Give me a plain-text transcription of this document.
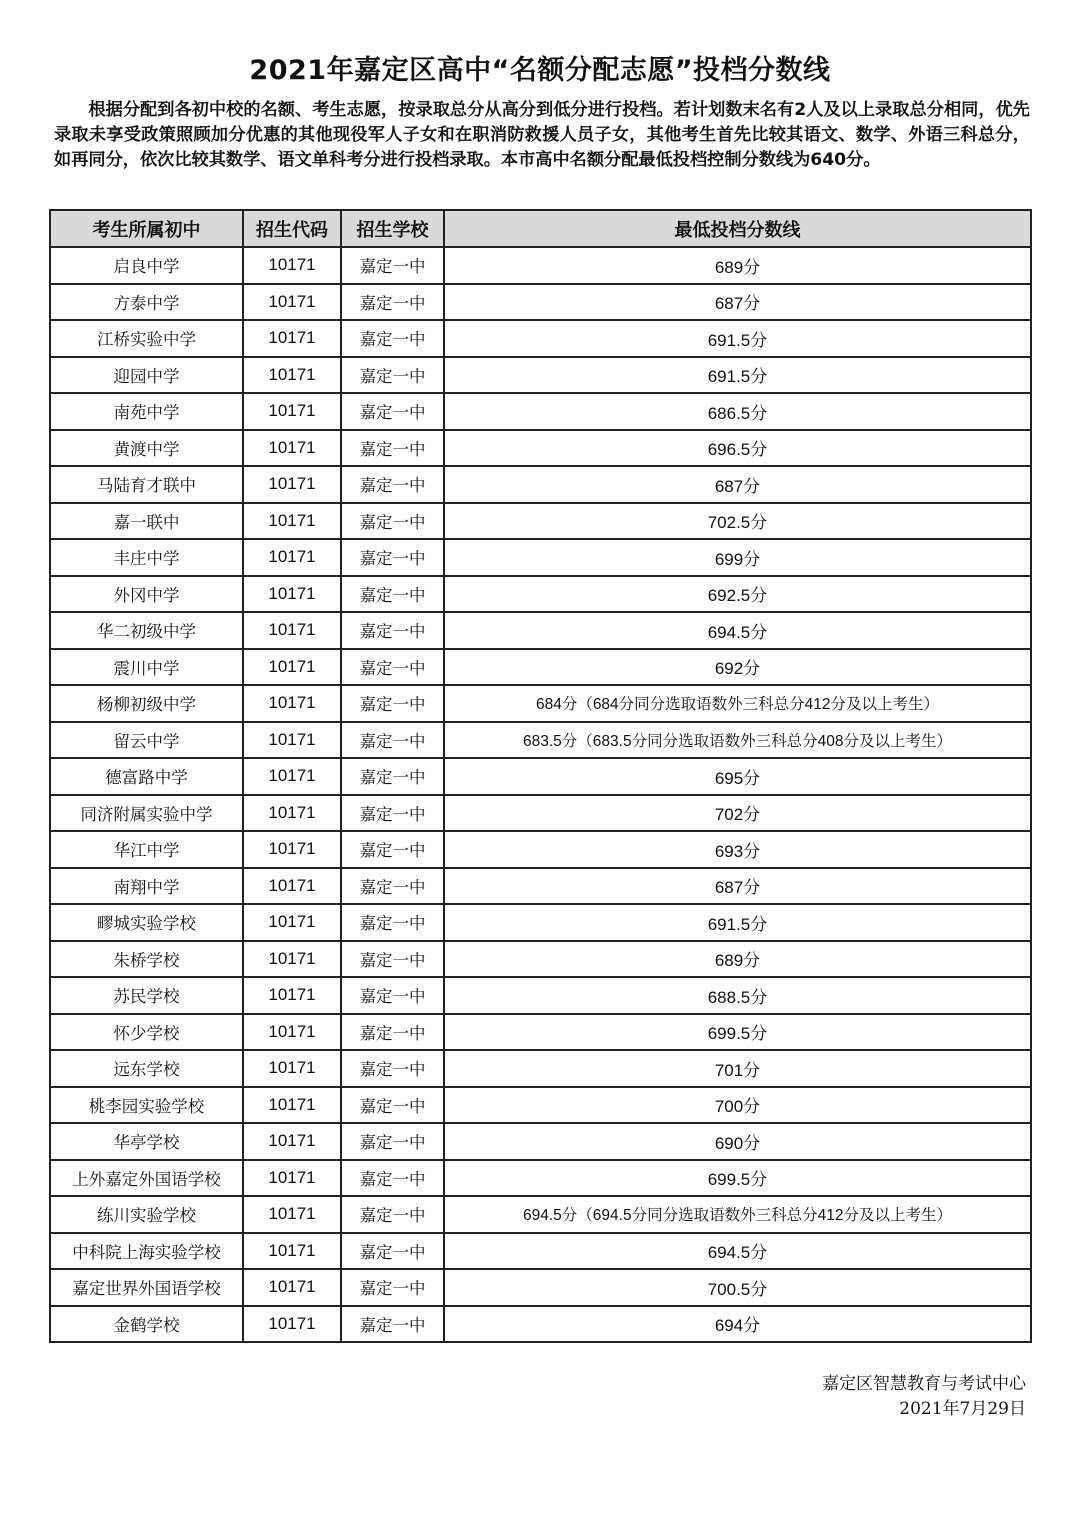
2021年嘉定区高中“名额分配志愿”投档分数线
根据分配到各初中校的名额、考生志愿，按录取总分从高分到低分进行投档。若计划数末名有2人及以上录取总分相同，优先录取未享受政策照顾加分优惠的其他现役军人子女和在职消防救援人员子女，其他考生首先比较其语文、数学、外语三科总分，如再同分，依次比较其数学、语文单科考分进行投档录取。本市高中名额分配最低投档控制分数线为640分。
考生所属初中	招生代码	招生学校	最低投档分数线
启良中学	10171	嘉定一中	689分
方泰中学	10171	嘉定一中	687分
江桥实验中学	10171	嘉定一中	691.5分
迎园中学	10171	嘉定一中	691.5分
南苑中学	10171	嘉定一中	686.5分
黄渡中学	10171	嘉定一中	696.5分
马陆育才联中	10171	嘉定一中	687分
嘉一联中	10171	嘉定一中	702.5分
丰庄中学	10171	嘉定一中	699分
外冈中学	10171	嘉定一中	692.5分
华二初级中学	10171	嘉定一中	694.5分
震川中学	10171	嘉定一中	692分
杨柳初级中学	10171	嘉定一中	684分（684分同分选取语数外三科总分412分及以上考生）
留云中学	10171	嘉定一中	683.5分（683.5分同分选取语数外三科总分408分及以上考生）
德富路中学	10171	嘉定一中	695分
同济附属实验中学	10171	嘉定一中	702分
华江中学	10171	嘉定一中	693分
南翔中学	10171	嘉定一中	687分
疁城实验学校	10171	嘉定一中	691.5分
朱桥学校	10171	嘉定一中	689分
苏民学校	10171	嘉定一中	688.5分
怀少学校	10171	嘉定一中	699.5分
远东学校	10171	嘉定一中	701分
桃李园实验学校	10171	嘉定一中	700分
华亭学校	10171	嘉定一中	690分
上外嘉定外国语学校	10171	嘉定一中	699.5分
练川实验学校	10171	嘉定一中	694.5分（694.5分同分选取语数外三科总分412分及以上考生）
中科院上海实验学校	10171	嘉定一中	694.5分
嘉定世界外国语学校	10171	嘉定一中	700.5分
金鹤学校	10171	嘉定一中	694分
嘉定区智慧教育与考试中心
2021年7月29日
